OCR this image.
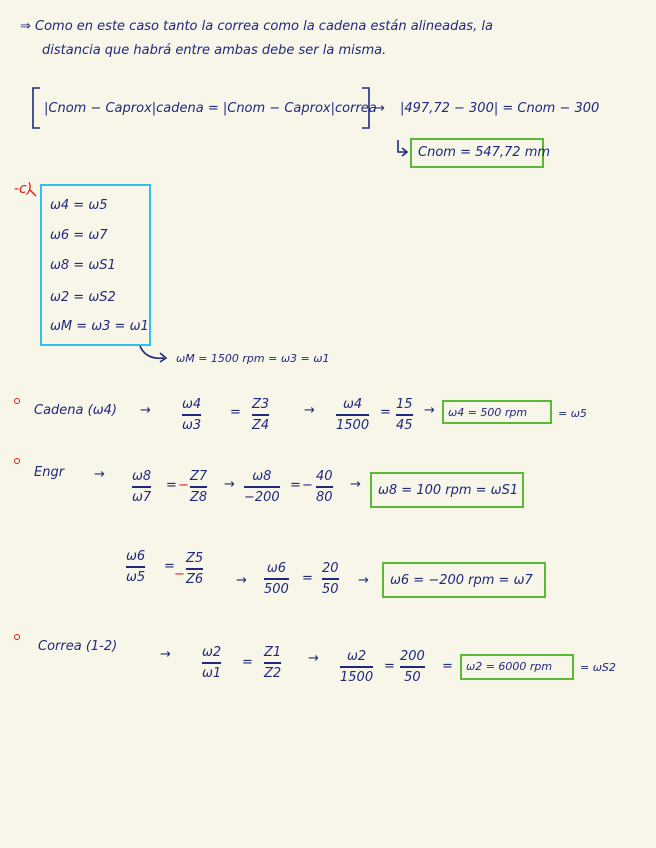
⇒ Como en este caso tanto la correa como la cadena están alineadas, la
distancia que habrá entre ambas debe ser la misma.
|Cnom − Caprox|cadena = |Cnom − Caprox|correa
→ |497,72 − 300| = Cnom − 300
Cnom = 547,72 mm
-c)
ω4 = ω5
ω6 = ω7
ω8 = ωS1
ω2 = ωS2
ωM = ω3 = ω1
ωM = 1500 rpm = ω3 = ω1
Cadena (ω4) → ω4
ω3
=
Z3
Z4
→ ω4
1500
=
15
45
→ ω4 = 500 rpm	= ω5
Engr → ω8
ω7
= −
Z7
Z8
→
ω8
−200
= −
40
80
→ ω8 = 100 rpm = ωS1
ω6
ω5
=
−
Z5
Z6	→
ω6
500
=
20
50
→ ω6 = −200 rpm = ω7
Correa (1-2)
→ ω2
ω1
=
Z1
Z2
→ ω2
1500
=
200
50
= ω2 = 6000 rpm	= ωS2
